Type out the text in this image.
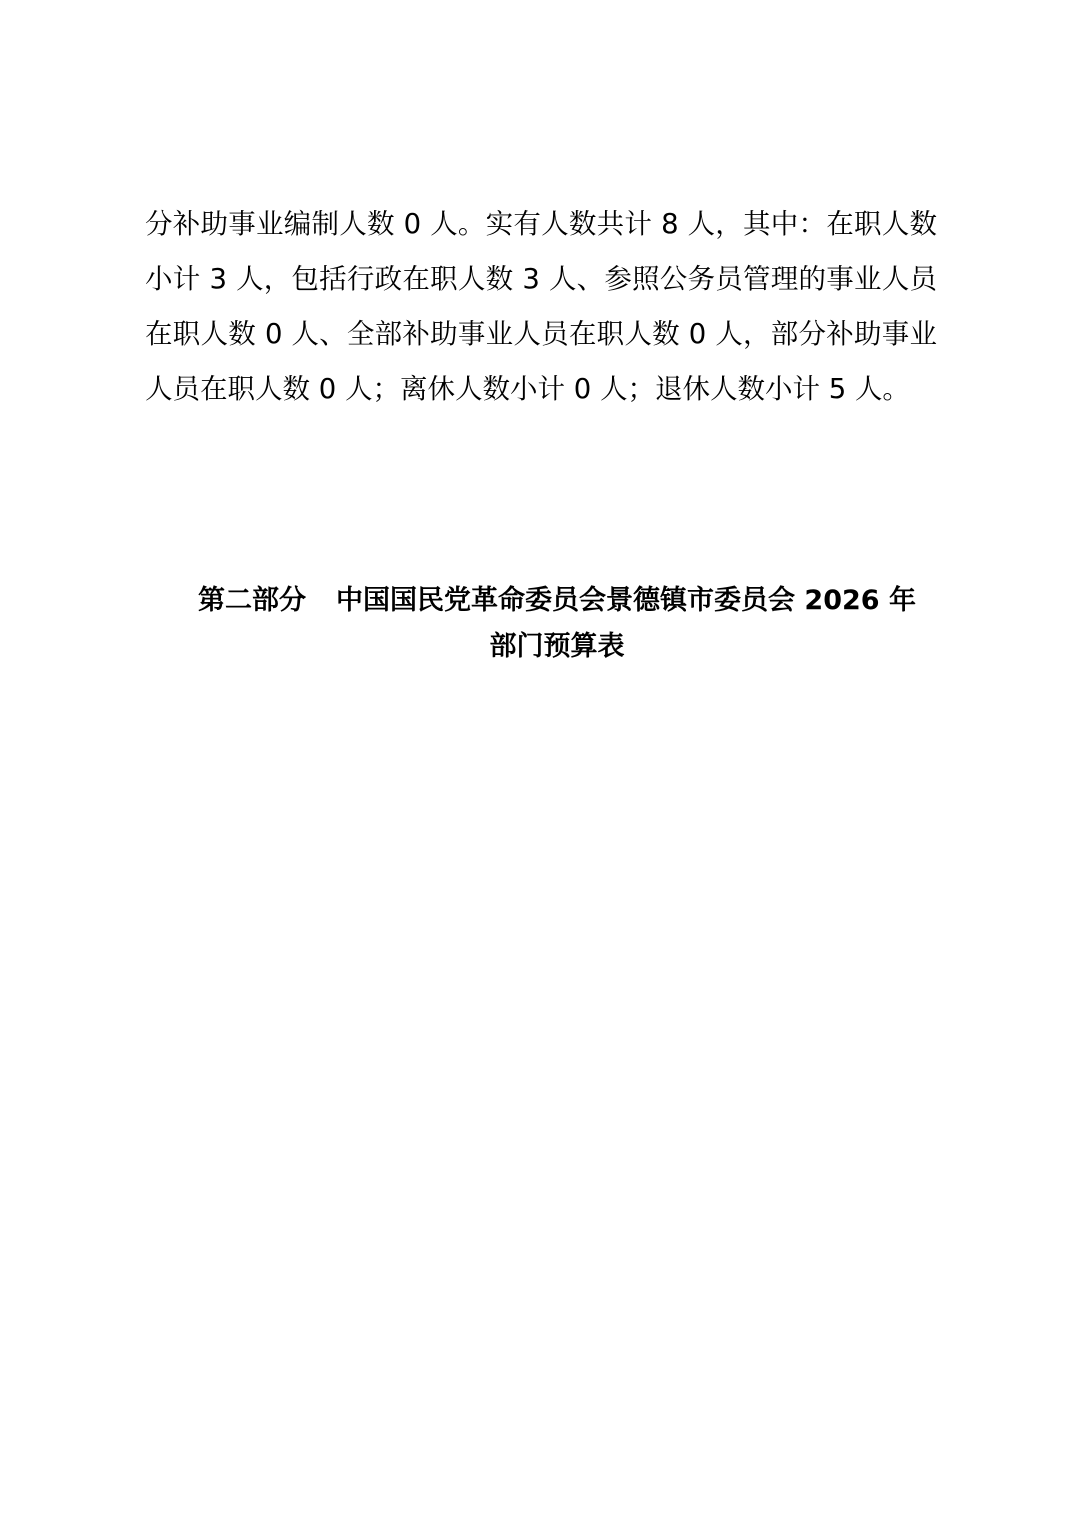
分补助事业编制人数 0 人。实有人数共计 8 人，其中：在职人数小计 3 人，包括行政在职人数 3 人、参照公务员管理的事业人员在职人数 0 人、全部补助事业人员在职人数 0 人，部分补助事业人员在职人数 0 人；离休人数小计 0 人；退休人数小计 5 人。

第二部分 中国国民党革命委员会景德镇市委员会 2026 年
部门预算表
